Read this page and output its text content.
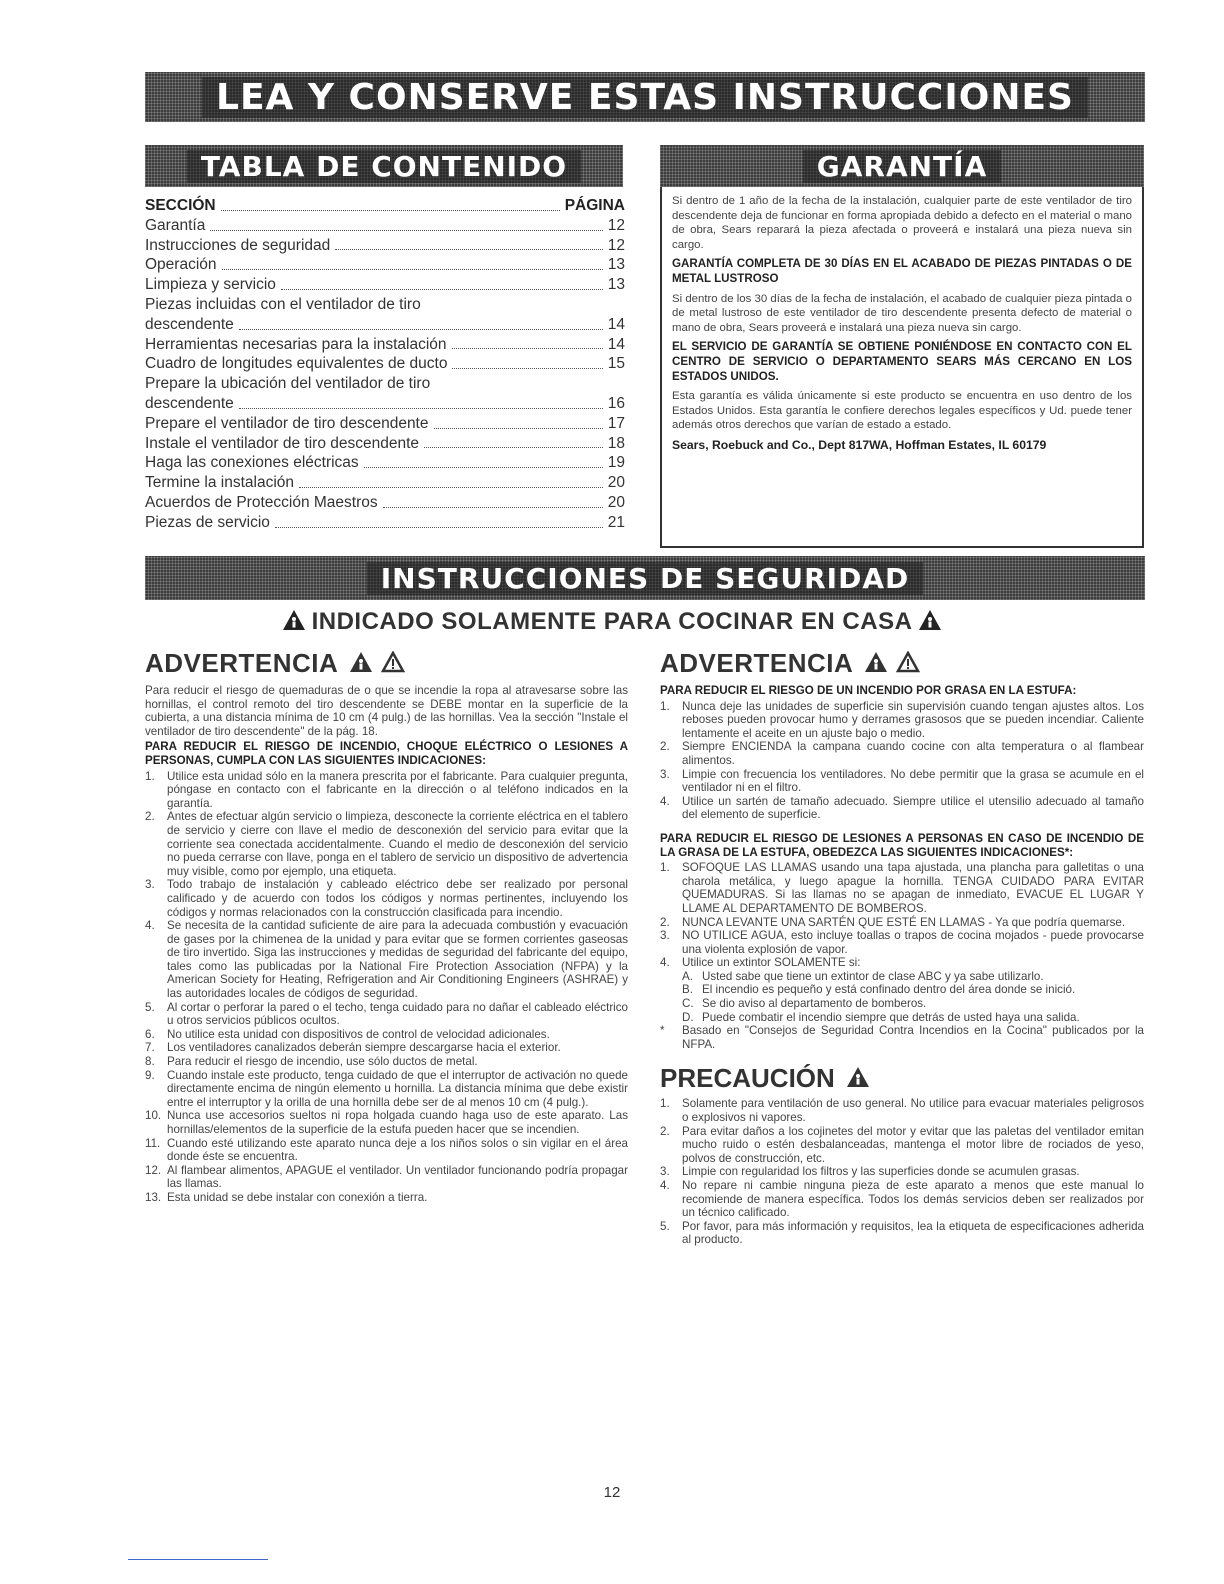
LEA Y CONSERVE ESTAS INSTRUCCIONES
TABLA DE CONTENIDO	GARANTÍA
SECCIÓN	PÁGINA
Garantía	12
Instrucciones de seguridad	12
Operación	13
Limpieza y servicio	13
Piezas incluidas con el ventilador de tiro
descendente	14
Herramientas necesarias para la instalación	14
Cuadro de longitudes equivalentes de ducto	15
Prepare la ubicación del ventilador de tiro
descendente	16
Prepare el ventilador de tiro descendente	17
Instale el ventilador de tiro descendente	18
Haga las conexiones eléctricas	19
Termine la instalación	20
Acuerdos de Protección Maestros	20
Piezas de servicio	21

Si dentro de 1 año de la fecha de la instalación, cualquier parte de este ventilador de tiro descendente deja de funcionar en forma apropiada debido a defecto en el material o mano de obra, Sears reparará la pieza afectada o proveerá e instalará una pieza nueva sin cargo.

GARANTÍA COMPLETA DE 30 DÍAS EN EL ACABADO DE PIEZAS PINTADAS O DE METAL LUSTROSO

Si dentro de los 30 días de la fecha de instalación, el acabado de cualquier pieza pintada o de metal lustroso de este ventilador de tiro descendente presenta defecto de material o mano de obra, Sears proveerá e instalará una pieza nueva sin cargo.

EL SERVICIO DE GARANTÍA SE OBTIENE PONIÉNDOSE EN CONTACTO CON EL CENTRO DE SERVICIO O DEPARTAMENTO SEARS MÁS CERCANO EN LOS ESTADOS UNIDOS.

Esta garantía es válida únicamente si este producto se encuentra en uso dentro de los Estados Unidos. Esta garantía le confiere derechos legales específicos y Ud. puede tener además otros derechos que varían de estado a estado.

Sears, Roebuck and Co., Dept 817WA, Hoffman Estates, IL 60179

INSTRUCCIONES DE SEGURIDAD
INDICADO SOLAMENTE PARA COCINAR EN CASA
ADVERTENCIA

Para reducir el riesgo de quemaduras de o que se incendie la ropa al atravesarse sobre las hornillas, el control remoto del tiro descendente se DEBE montar en la superficie de la cubierta, a una distancia mínima de 10 cm (4 pulg.) de las hornillas. Vea la sección "Instale el ventilador de tiro descendente" de la pág. 18.

PARA REDUCIR EL RIESGO DE INCENDIO, CHOQUE ELÉCTRICO O LESIONES A PERSONAS, CUMPLA CON LAS SIGUIENTES INDICACIONES:

1.	Utilice esta unidad sólo en la manera prescrita por el fabricante. Para cualquier pregunta, póngase en contacto con el fabricante en la dirección o al teléfono indicados en la garantía.
2.	Antes de efectuar algún servicio o limpieza, desconecte la corriente eléctrica en el tablero de servicio y cierre con llave el medio de desconexión del servicio para evitar que la corriente sea conectada accidentalmente. Cuando el medio de desconexión del servicio no pueda cerrarse con llave, ponga en el tablero de servicio un dispositivo de advertencia muy visible, como por ejemplo, una etiqueta.
3.	Todo trabajo de instalación y cableado eléctrico debe ser realizado por personal calificado y de acuerdo con todos los códigos y normas pertinentes, incluyendo los códigos y normas relacionados con la construcción clasificada para incendio.
4.	Se necesita de la cantidad suficiente de aire para la adecuada combustión y evacuación de gases por la chimenea de la unidad y para evitar que se formen corrientes gaseosas de tiro invertido. Siga las instrucciones y medidas de seguridad del fabricante del equipo, tales como las publicadas por la National Fire Protection Association (NFPA) y la American Society for Heating, Refrigeration and Air Conditioning Engineers (ASHRAE) y las autoridades locales de códigos de seguridad.
5.	Al cortar o perforar la pared o el techo, tenga cuidado para no dañar el cableado eléctrico u otros servicios públicos ocultos.
6.	No utilice esta unidad con dispositivos de control de velocidad adicionales.
7.	Los ventiladores canalizados deberán siempre descargarse hacia el exterior.
8.	Para reducir el riesgo de incendio, use sólo ductos de metal.
9.	Cuando instale este producto, tenga cuidado de que el interruptor de activación no quede directamente encima de ningún elemento u hornilla. La distancia mínima que debe existir entre el interruptor y la orilla de una hornilla debe ser de al menos 10 cm (4 pulg.).
10. Nunca use accesorios sueltos ni ropa holgada cuando haga uso de este aparato. Las hornillas/elementos de la superficie de la estufa pueden hacer que se incendien.
11. Cuando esté utilizando este aparato nunca deje a los niños solos o sin vigilar en el área donde éste se encuentra.
12. Al flambear alimentos, APAGUE el ventilador. Un ventilador funcionando podría propagar las llamas.
13. Esta unidad se debe instalar con conexión a tierra.
ADVERTENCIA

PARA REDUCIR EL RIESGO DE UN INCENDIO POR GRASA EN LA ESTUFA:

1.	Nunca deje las unidades de superficie sin supervisión cuando tengan ajustes altos. Los reboses pueden provocar humo y derrames grasosos que se pueden incendiar. Caliente lentamente el aceite en un ajuste bajo o medio.
2.	Siempre ENCIENDA la campana cuando cocine con alta temperatura o al flambear alimentos.
3.	Limpie con frecuencia los ventiladores. No debe permitir que la grasa se acumule en el ventilador ni en el filtro.
4.	Utilice un sartén de tamaño adecuado. Siempre utilice el utensilio adecuado al tamaño del elemento de superficie.

PARA REDUCIR EL RIESGO DE LESIONES A PERSONAS EN CASO DE INCENDIO DE LA GRASA DE LA ESTUFA, OBEDEZCA LAS SIGUIENTES INDICACIONES*:

1.	SOFOQUE LAS LLAMAS usando una tapa ajustada, una plancha para galletitas o una charola metálica, y luego apague la hornilla. TENGA CUIDADO PARA EVITAR QUEMADURAS. Si las llamas no se apagan de inmediato, EVACUE EL LUGAR Y LLAME AL DEPARTAMENTO DE BOMBEROS.
2.	NUNCA LEVANTE UNA SARTÉN QUE ESTÉ EN LLAMAS - Ya que podría quemarse.
3.	NO UTILICE AGUA, esto incluye toallas o trapos de cocina mojados - puede provocarse una violenta explosión de vapor.
4.	Utilice un extintor SOLAMENTE si:
A. Usted sabe que tiene un extintor de clase ABC y ya sabe utilizarlo.
B. El incendio es pequeño y está confinado dentro del área donde se inició.
C. Se dio aviso al departamento de bomberos.
D. Puede combatir el incendio siempre que detrás de usted haya una salida.
*	Basado en "Consejos de Seguridad Contra Incendios en la Cocina" publicados por la NFPA.
PRECAUCIÓN
1.	Solamente para ventilación de uso general. No utilice para evacuar materiales peligrosos o explosivos ni vapores.
2.	Para evitar daños a los cojinetes del motor y evitar que las paletas del ventilador emitan mucho ruido o estén desbalanceadas, mantenga el motor libre de rociados de yeso, polvos de construcción, etc.
3.	Limpie con regularidad los filtros y las superficies donde se acumulen grasas.
4.	No repare ni cambie ninguna pieza de este aparato a menos que este manual lo recomiende de manera específica. Todos los demás servicios deben ser realizados por un técnico calificado.
5.	Por favor, para más información y requisitos, lea la etiqueta de especificaciones adherida al producto.
12
